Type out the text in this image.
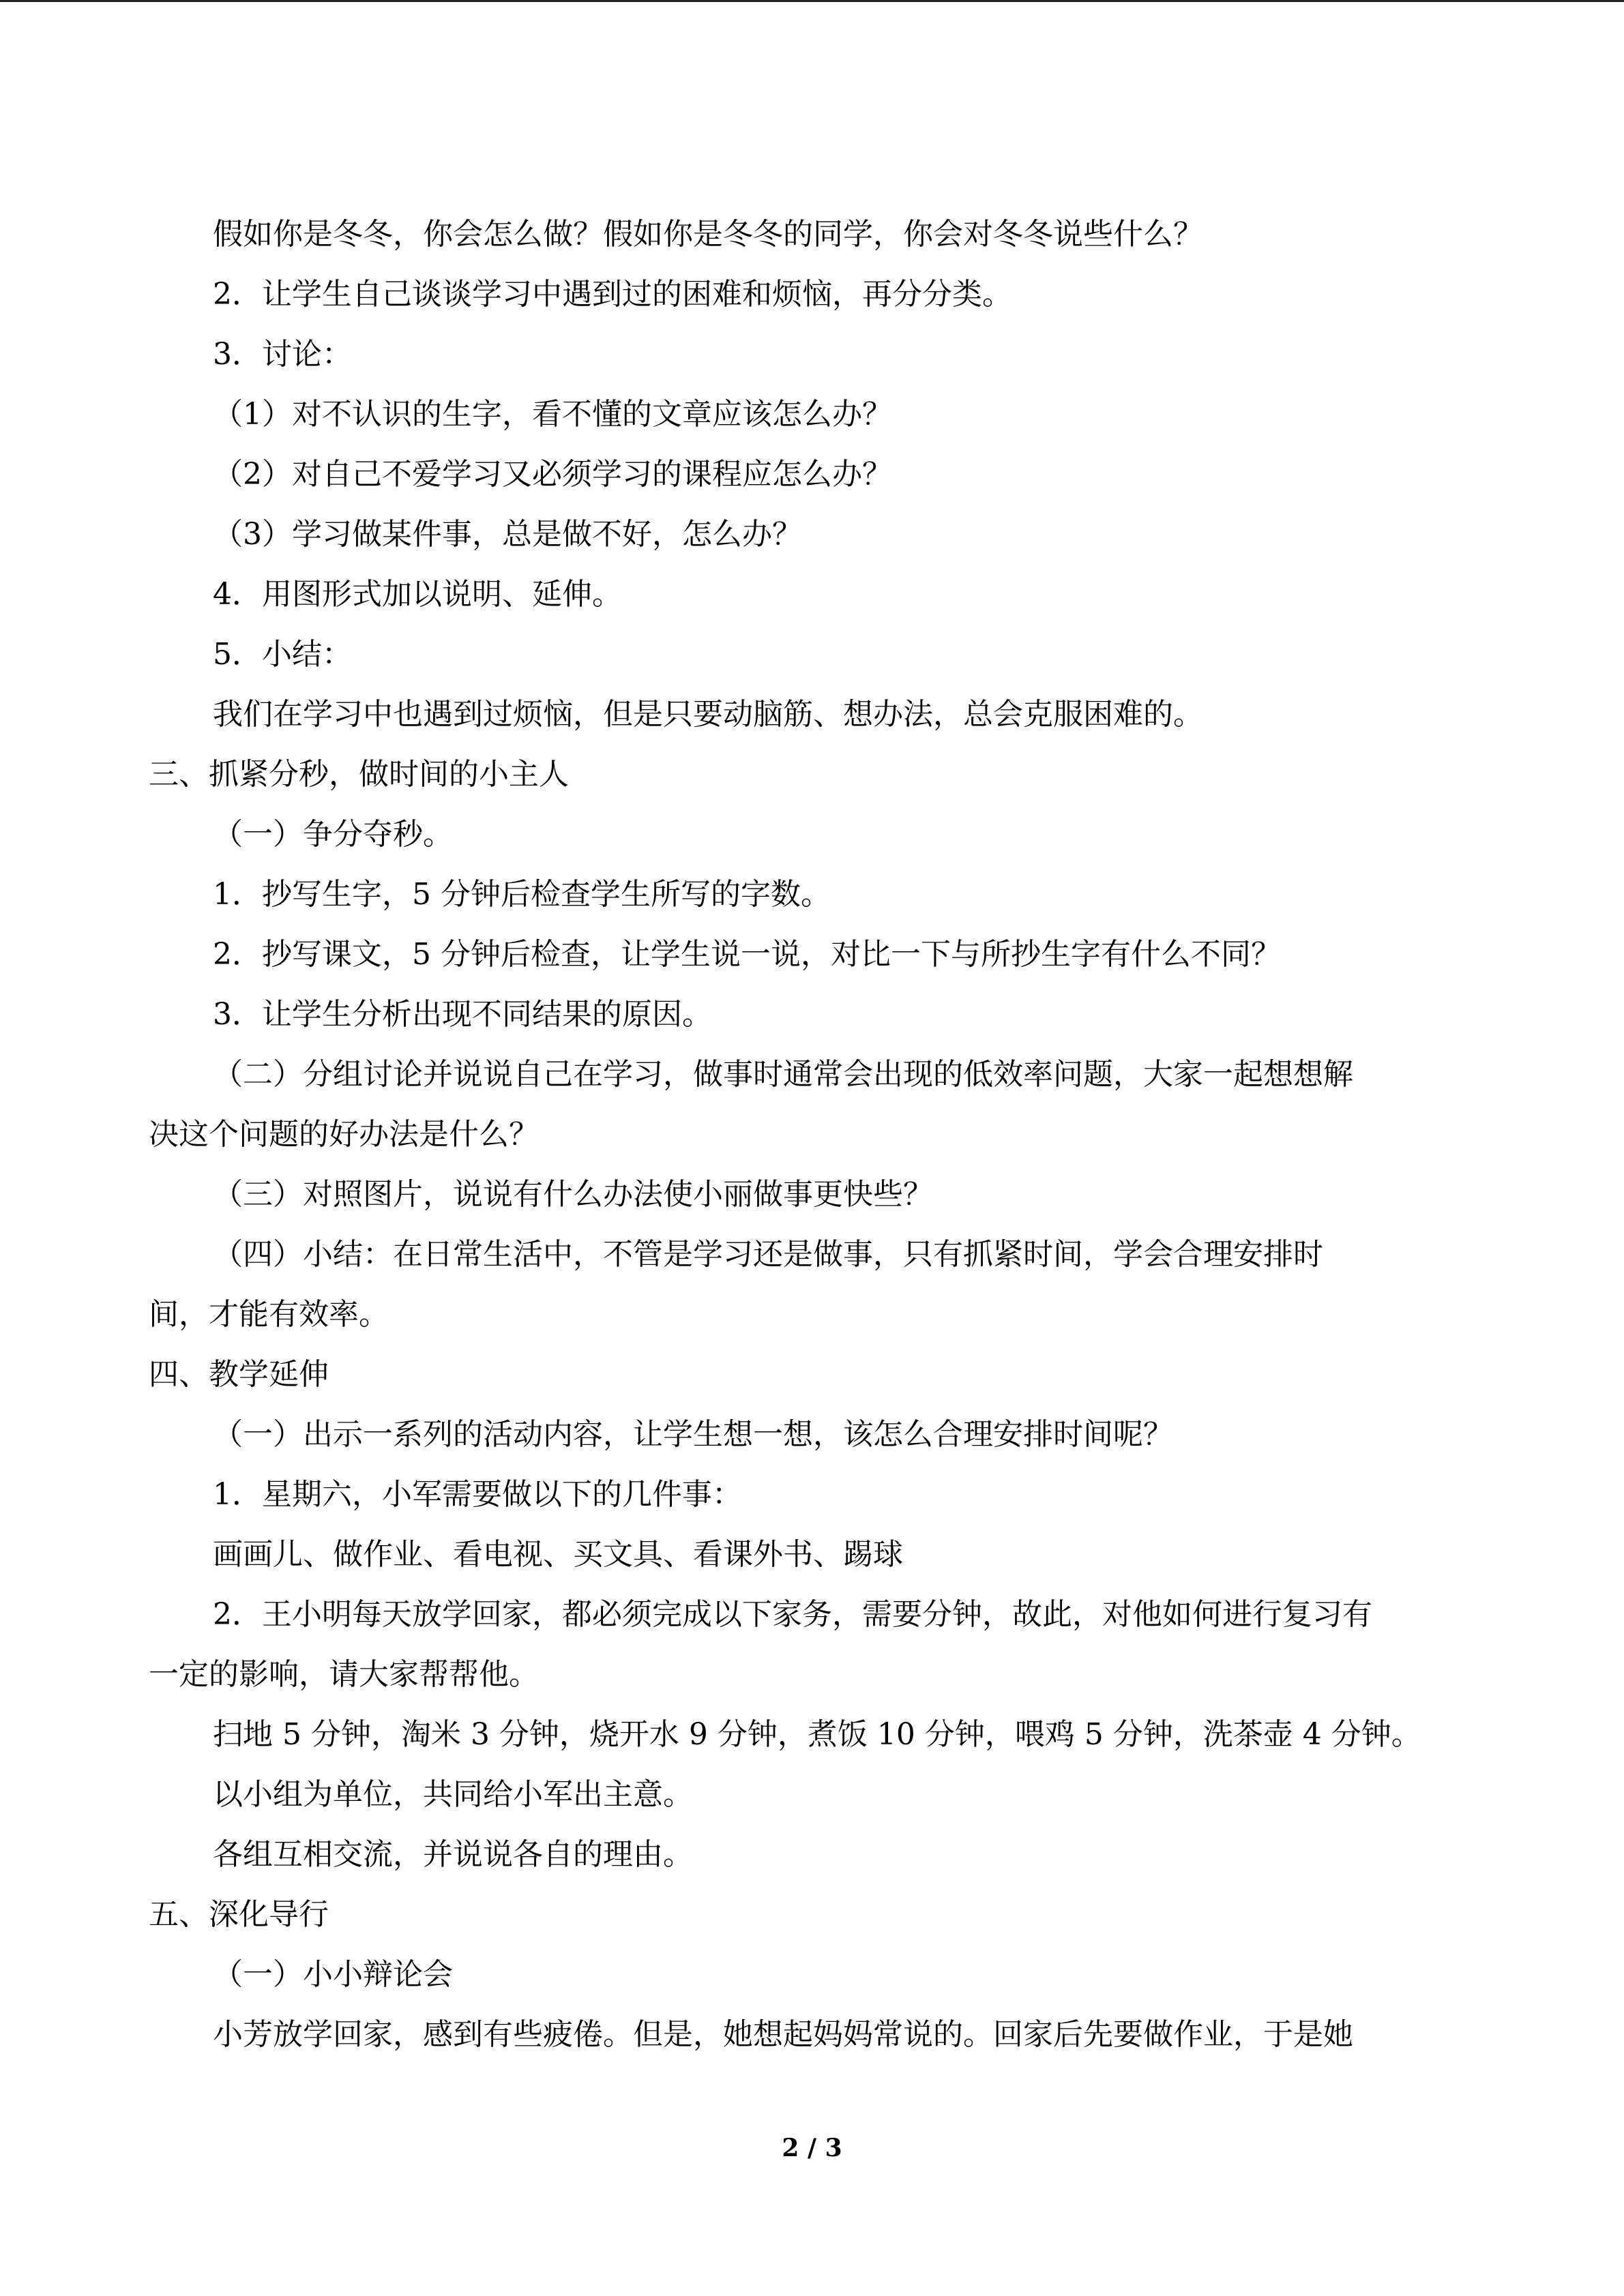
假如你是冬冬，你会怎么做？假如你是冬冬的同学，你会对冬冬说些什么？
2．让学生自己谈谈学习中遇到过的困难和烦恼，再分分类。
3．讨论：
（1）对不认识的生字，看不懂的文章应该怎么办？
（2）对自己不爱学习又必须学习的课程应怎么办？
（3）学习做某件事，总是做不好，怎么办？
4．用图形式加以说明、延伸。
5．小结：
我们在学习中也遇到过烦恼，但是只要动脑筋、想办法，总会克服困难的。
三、抓紧分秒，做时间的小主人
（一）争分夺秒。
1．抄写生字，5 分钟后检查学生所写的字数。
2．抄写课文，5 分钟后检查，让学生说一说，对比一下与所抄生字有什么不同？
3．让学生分析出现不同结果的原因。
（二）分组讨论并说说自己在学习，做事时通常会出现的低效率问题，大家一起想想解
决这个问题的好办法是什么？
（三）对照图片，说说有什么办法使小丽做事更快些？
（四）小结：在日常生活中，不管是学习还是做事，只有抓紧时间，学会合理安排时
间，才能有效率。
四、教学延伸
（一）出示一系列的活动内容，让学生想一想，该怎么合理安排时间呢？
1．星期六，小军需要做以下的几件事：
画画儿、做作业、看电视、买文具、看课外书、踢球
2．王小明每天放学回家，都必须完成以下家务，需要分钟，故此，对他如何进行复习有
一定的影响，请大家帮帮他。
扫地 5 分钟，淘米 3 分钟，烧开水 9 分钟，煮饭 10 分钟，喂鸡 5 分钟，洗茶壶 4 分钟。
以小组为单位，共同给小军出主意。
各组互相交流，并说说各自的理由。
五、深化导行
（一）小小辩论会
小芳放学回家，感到有些疲倦。但是，她想起妈妈常说的。回家后先要做作业，于是她
2 / 3
